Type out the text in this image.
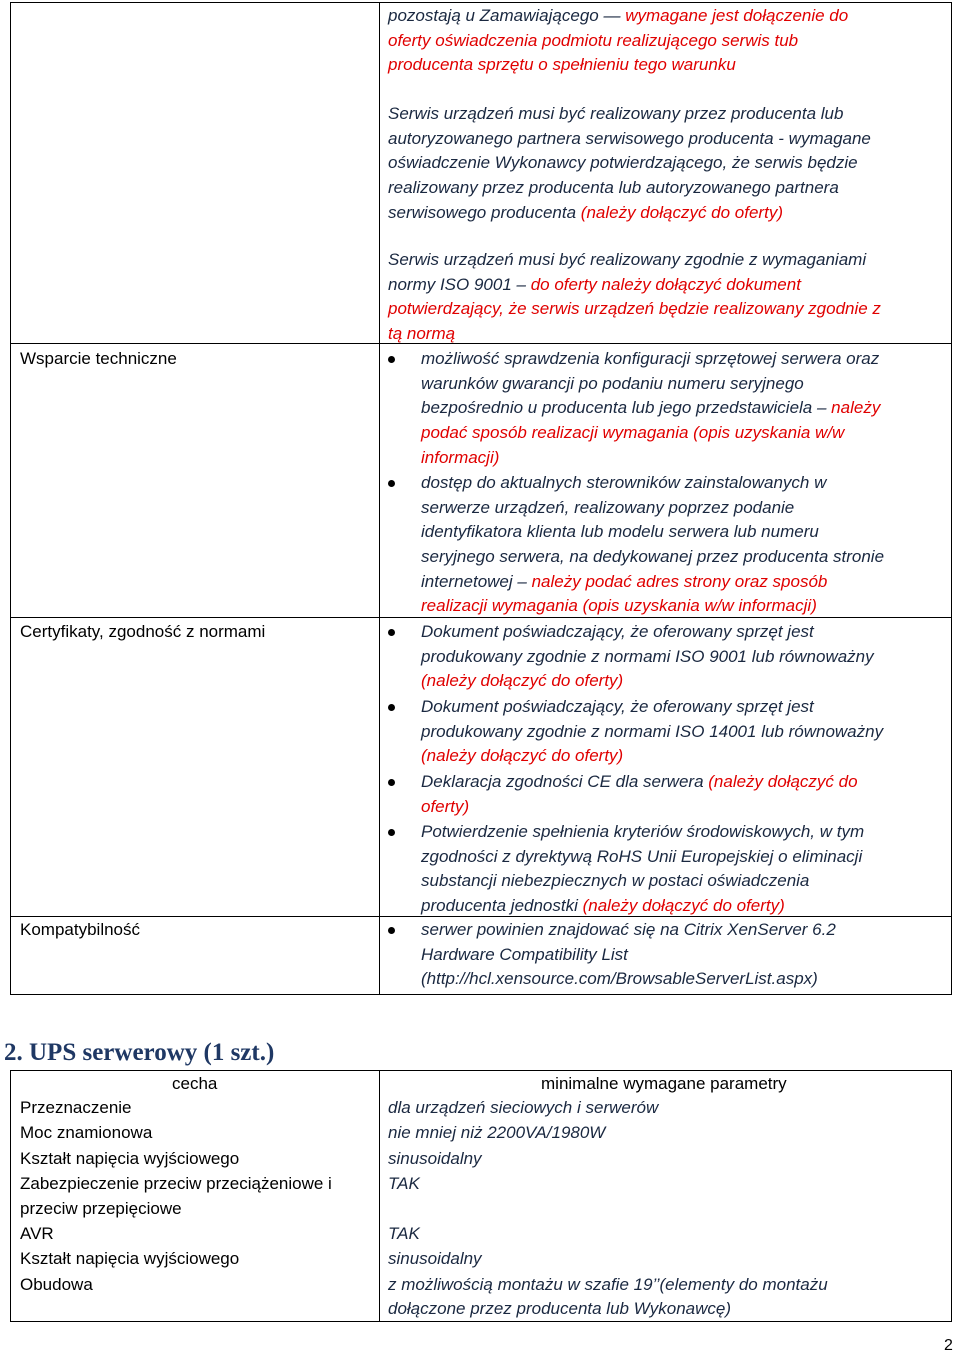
pozostają u Zamawiającego — wymagane jest dołączenie do
oferty oświadczenia podmiotu realizującego serwis tub
producenta sprzętu o spełnieniu tego warunku
Serwis urządzeń musi być realizowany przez producenta lub
autoryzowanego partnera serwisowego producenta - wymagane
oświadczenie Wykonawcy potwierdzającego, że serwis będzie
realizowany przez producenta lub autoryzowanego partnera
serwisowego producenta (należy dołączyć do oferty)
Serwis urządzeń musi być realizowany zgodnie z wymaganiami
normy ISO 9001 – do oferty należy dołączyć dokument
potwierdzający, że serwis urządzeń będzie realizowany zgodnie z
tą normą
Wsparcie techniczne	możliwość sprawdzenia konfiguracji sprzętowej serwera oraz
warunków gwarancji po podaniu numeru seryjnego
bezpośrednio u producenta lub jego przedstawiciela – należy
podać sposób realizacji wymagania (opis uzyskania w/w
informacji)
dostęp do aktualnych sterowników zainstalowanych w
serwerze urządzeń, realizowany poprzez podanie
identyfikatora klienta lub modelu serwera lub numeru
seryjnego serwera, na dedykowanej przez producenta stronie
internetowej – należy podać adres strony oraz sposób
realizacji wymagania (opis uzyskania w/w informacji)
Certyfikaty, zgodność z normami	Dokument poświadczający, że oferowany sprzęt jest
produkowany zgodnie z normami ISO 9001 lub równoważny
(należy dołączyć do oferty)
Dokument poświadczający, że oferowany sprzęt jest
produkowany zgodnie z normami ISO 14001 lub równoważny
(należy dołączyć do oferty)
Deklaracja zgodności CE dla serwera (należy dołączyć do
oferty)
Potwierdzenie spełnienia kryteriów środowiskowych, w tym
zgodności z dyrektywą RoHS Unii Europejskiej o eliminacji
substancji niebezpiecznych w postaci oświadczenia
producenta jednostki (należy dołączyć do oferty)
Kompatybilność	serwer powinien znajdować się na Citrix XenServer 6.2
Hardware Compatibility List
(http://hcl.xensource.com/BrowsableServerList.aspx)
2. UPS serwerowy (1 szt.)

cecha	minimalne wymagane parametry
Przeznaczenie	dla urządzeń sieciowych i serwerów
Moc znamionowa	nie mniej niż 2200VA/1980W
Kształt napięcia wyjściowego	sinusoidalny
Zabezpieczenie przeciw przeciążeniowe i
przeciw przepięciowe
TAK
AVR	TAK
Kształt napięcia wyjściowego	sinusoidalny
Obudowa	z możliwością montażu w szafie 19’’(elementy do montażu
dołączone przez producenta lub Wykonawcę)
2
